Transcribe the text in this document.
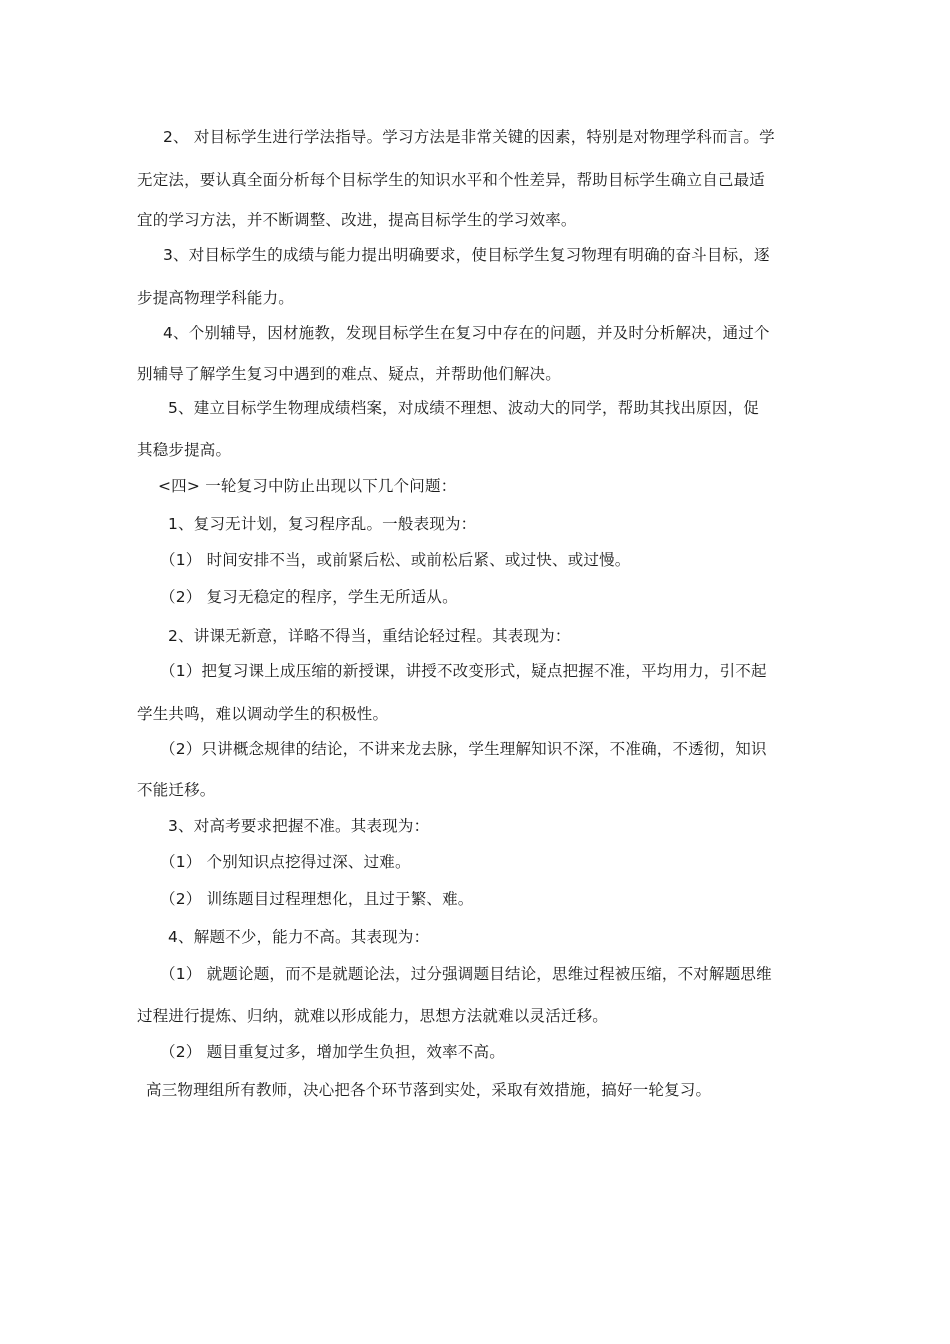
2、 对目标学生进行学法指导。学习方法是非常关键的因素，特别是对物理学科而言。学
无定法，要认真全面分析每个目标学生的知识水平和个性差异，帮助目标学生确立自己最适
宜的学习方法，并不断调整、改进，提高目标学生的学习效率。
3、对目标学生的成绩与能力提出明确要求，使目标学生复习物理有明确的奋斗目标，逐
步提高物理学科能力。
4、个别辅导，因材施教，发现目标学生在复习中存在的问题，并及时分析解决，通过个
别辅导了解学生复习中遇到的难点、疑点，并帮助他们解决。
5、建立目标学生物理成绩档案，对成绩不理想、波动大的同学，帮助其找出原因，促
其稳步提高。
<四> 一轮复习中防止出现以下几个问题：
1、复习无计划，复习程序乱。一般表现为：
（1） 时间安排不当，或前紧后松、或前松后紧、或过快、或过慢。
（2） 复习无稳定的程序，学生无所适从。
2、讲课无新意，详略不得当，重结论轻过程。其表现为：
（1）把复习课上成压缩的新授课，讲授不改变形式，疑点把握不准，平均用力，引不起
学生共鸣，难以调动学生的积极性。
（2）只讲概念规律的结论，不讲来龙去脉，学生理解知识不深，不准确，不透彻，知识
不能迁移。
3、对高考要求把握不准。其表现为：
（1） 个别知识点挖得过深、过难。
（2） 训练题目过程理想化，且过于繁、难。
4、解题不少，能力不高。其表现为：
（1） 就题论题，而不是就题论法，过分强调题目结论，思维过程被压缩，不对解题思维
过程进行提炼、归纳，就难以形成能力，思想方法就难以灵活迁移。
（2） 题目重复过多，增加学生负担，效率不高。
高三物理组所有教师，决心把各个环节落到实处，采取有效措施，搞好一轮复习。
